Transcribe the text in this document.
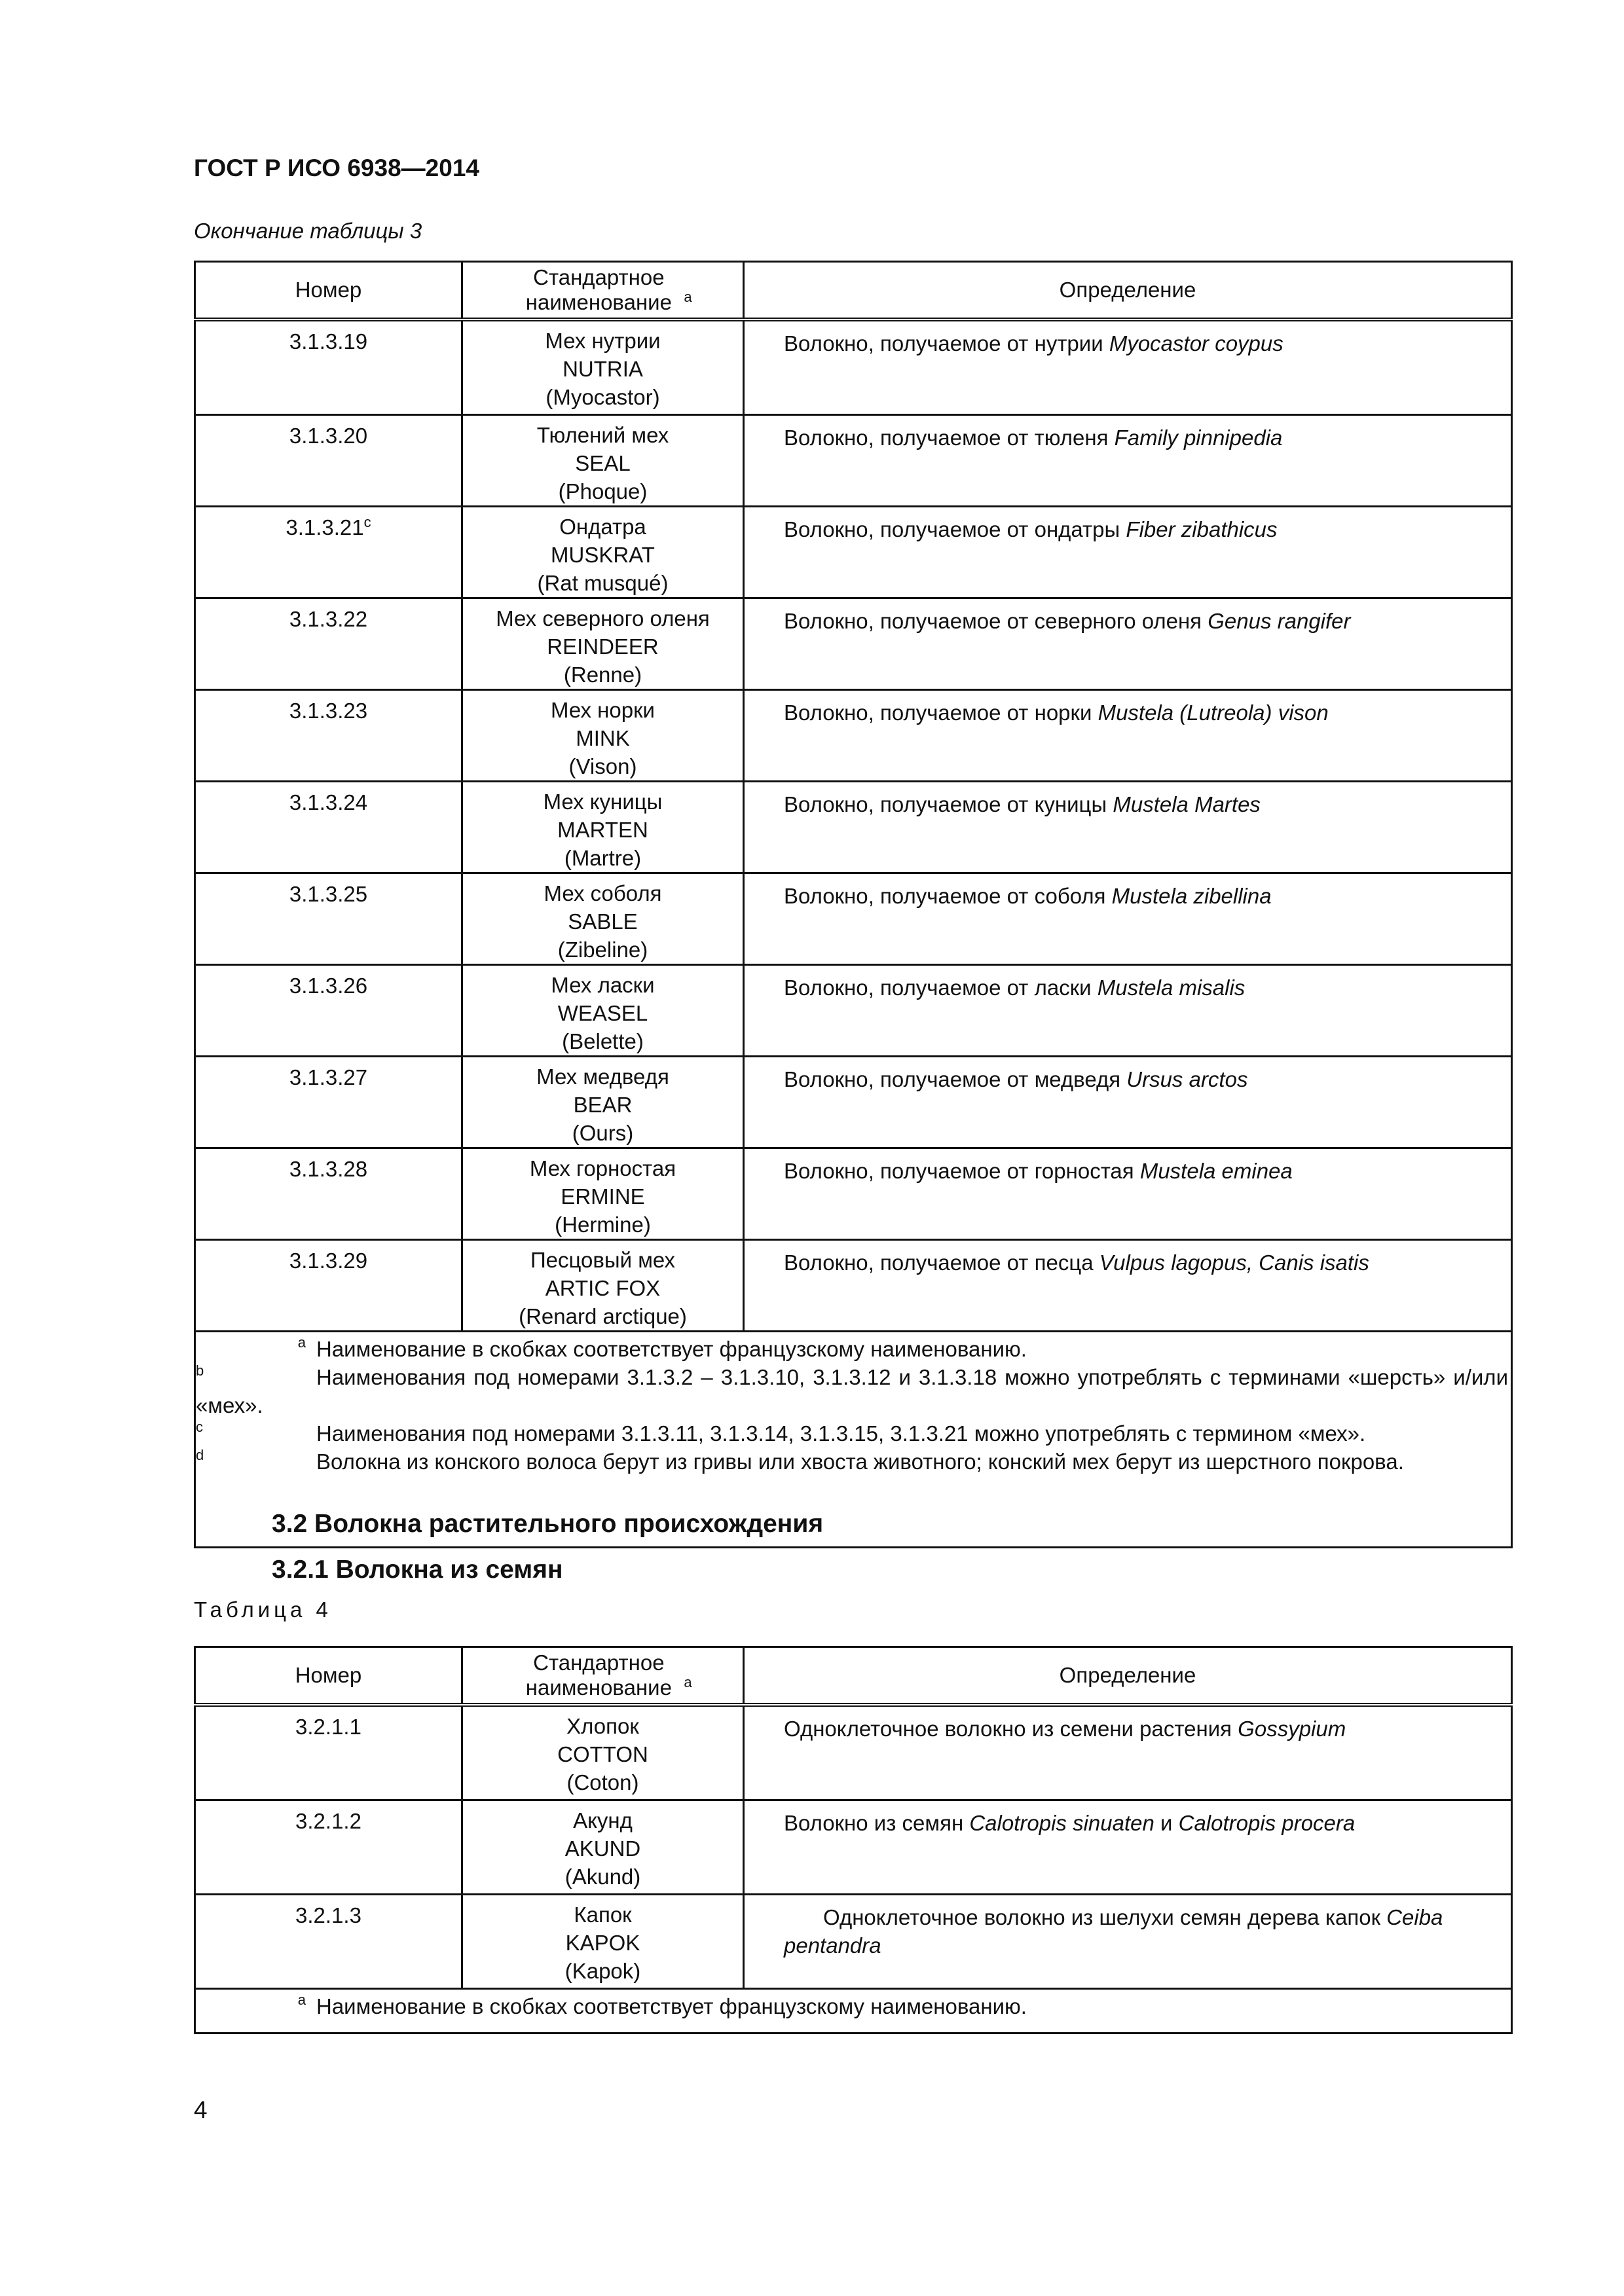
ГОСТ Р ИСО 6938—2014
Окончание таблицы 3
Номер	Стандартное наименование $^a$	Определение
3.1.3.19	Мех нутрии
NUTRIA
(Myocastor)	Волокно, получаемое от нутрии Myocastor coypus
3.1.3.20	Тюлений мех
SEAL
(Phoque)	Волокно, получаемое от тюленя Family pinnipedia
3.1.3.21$^c$	Ондатра
MUSKRAT
(Rat musqué)	Волокно, получаемое от ондатры Fiber zibathicus
3.1.3.22	Мех северного оленя
REINDEER
(Renne)	Волокно, получаемое от северного оленя Genus rangifer
3.1.3.23	Мех норки
MINK
(Vison)	Волокно, получаемое от норки Mustela (Lutreola) vison
3.1.3.24	Мех куницы
MARTEN
(Martre)	Волокно, получаемое от куницы Mustela Martes
3.1.3.25	Мех соболя
SABLE
(Zibeline)	Волокно, получаемое от соболя Mustela zibellina
3.1.3.26	Мех ласки
WEASEL
(Belette)	Волокно, получаемое от ласки Mustela misalis
3.1.3.27	Мех медведя
BEAR
(Ours)	Волокно, получаемое от медведя Ursus arctos
3.1.3.28	Мех горностая
ERMINE
(Hermine)	Волокно, получаемое от горностая Mustela eminea
3.1.3.29	Песцовый мех
ARTIC FOX
(Renard arctique)	Волокно, получаемое от песца Vulpus lagopus, Canis isatis

$^a$ Наименование в скобках соответствует французскому наименованию.
$^b$ Наименования под номерами 3.1.3.2 – 3.1.3.10, 3.1.3.12 и 3.1.3.18 можно употреблять с терминами «шерсть» и/или «мех».
$^c$ Наименования под номерами 3.1.3.11, 3.1.3.14, 3.1.3.15, 3.1.3.21 можно употреблять с термином «мех».
$^d$ Волокна из конского волоса берут из гривы или хвоста животного; конский мех берут из шерстного покрова.		
3.2 Волокна растительного происхождения
3.2.1 Волокна из семян
Таблица 4
Номер	Стандартное наименование $^a$	Определение
3.2.1.1	Хлопок
COTTON
(Coton)	Одноклеточное волокно из семени растения Gossypium
3.2.1.2	Акунд
AKUND
(Akund)	Волокно из семян Calotropis sinuaten и Calotropis procera
3.2.1.3	Капок
KAPOK
(Kapok)	Одноклеточное волокно из шелухи семян дерева капок Ceiba pentandra

$^a$ Наименование в скобках соответствует французскому наименованию.		
4
